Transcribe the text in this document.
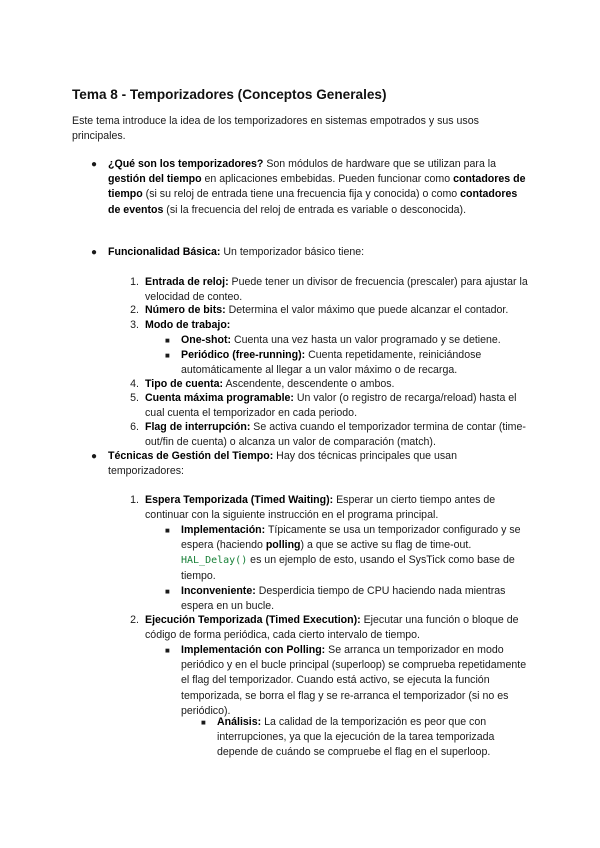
Tema 8 - Temporizadores (Conceptos Generales)

Este tema introduce la idea de los temporizadores en sistemas empotrados y sus usos principales.

● ¿Qué son los temporizadores? Son módulos de hardware que se utilizan para la gestión del tiempo en aplicaciones embebidas. Pueden funcionar como contadores de tiempo (si su reloj de entrada tiene una frecuencia fija y conocida) o como contadores de eventos (si la frecuencia del reloj de entrada es variable o desconocida).

● Funcionalidad Básica: Un temporizador básico tiene:

1. Entrada de reloj: Puede tener un divisor de frecuencia (prescaler) para ajustar la velocidad de conteo.

2. Número de bits: Determina el valor máximo que puede alcanzar el contador.

3. Modo de trabajo:

■ One-shot: Cuenta una vez hasta un valor programado y se detiene.

■ Periódico (free-running): Cuenta repetidamente, reiniciándose automáticamente al llegar a un valor máximo o de recarga.

4. Tipo de cuenta: Ascendente, descendente o ambos.

5. Cuenta máxima programable: Un valor (o registro de recarga/reload) hasta el cual cuenta el temporizador en cada periodo.

6. Flag de interrupción: Se activa cuando el temporizador termina de contar (time-out/fin de cuenta) o alcanza un valor de comparación (match).

● Técnicas de Gestión del Tiempo: Hay dos técnicas principales que usan temporizadores:

1. Espera Temporizada (Timed Waiting): Esperar un cierto tiempo antes de continuar con la siguiente instrucción en el programa principal.

■ Implementación: Típicamente se usa un temporizador configurado y se espera (haciendo polling) a que se active su flag de time-out. HAL_Delay() es un ejemplo de esto, usando el SysTick como base de tiempo.

■ Inconveniente: Desperdicia tiempo de CPU haciendo nada mientras espera en un bucle.

2. Ejecución Temporizada (Timed Execution): Ejecutar una función o bloque de código de forma periódica, cada cierto intervalo de tiempo.

■ Implementación con Polling: Se arranca un temporizador en modo periódico y en el bucle principal (superloop) se comprueba repetidamente el flag del temporizador. Cuando está activo, se ejecuta la función temporizada, se borra el flag y se re-arranca el temporizador (si no es periódico).

■ Análisis: La calidad de la temporización es peor que con interrupciones, ya que la ejecución de la tarea temporizada depende de cuándo se compruebe el flag en el superloop.
